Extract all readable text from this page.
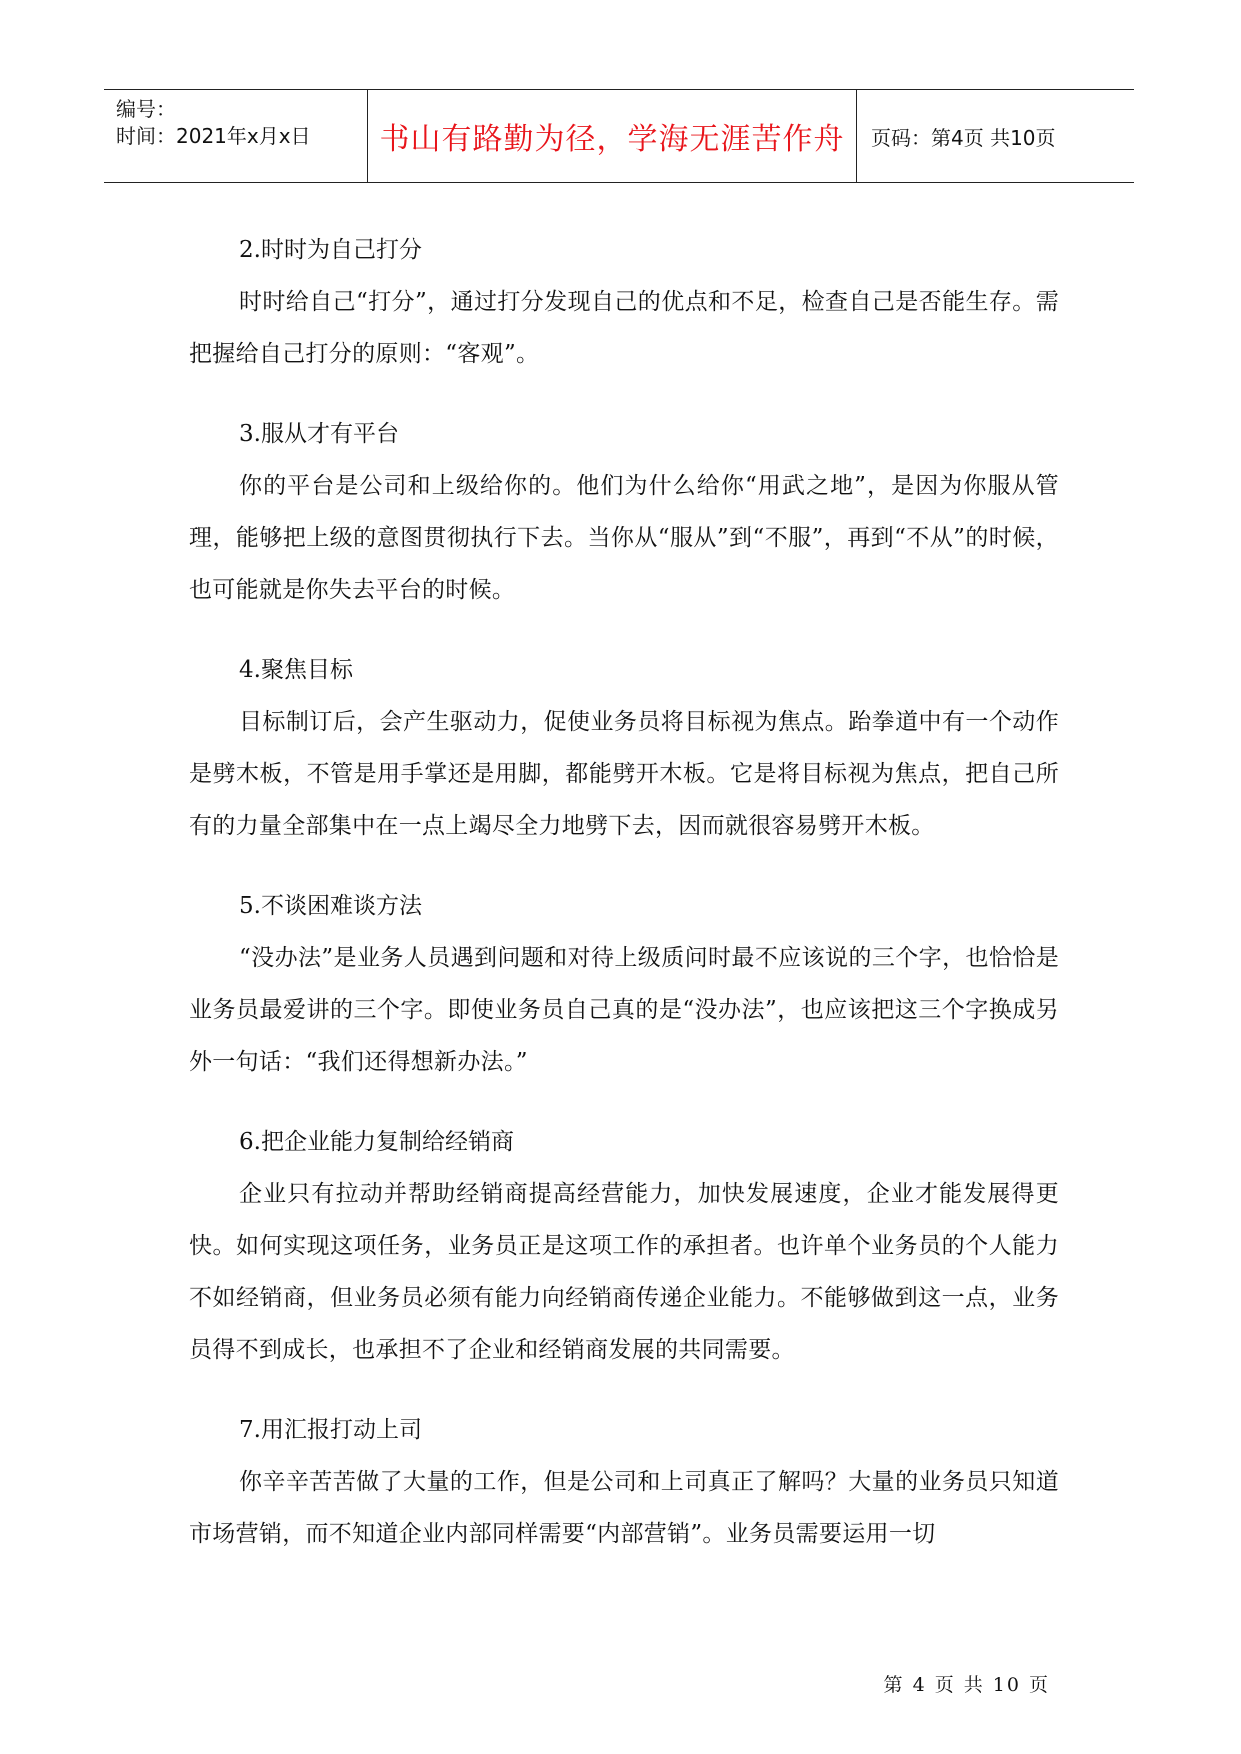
编号：
时间：2021年x月x日	书山有路勤为径，学海无涯苦作舟	页码：第4页 共10页
2.时时为自己打分
时时给自己“打分”，通过打分发现自己的优点和不足，检查自己是否能生存。需把握给自己打分的原则：“客观”。
3.服从才有平台
你的平台是公司和上级给你的。他们为什么给你“用武之地”，是因为你服从管理，能够把上级的意图贯彻执行下去。当你从“服从”到“不服”，再到“不从”的时候，也可能就是你失去平台的时候。
4.聚焦目标
目标制订后，会产生驱动力，促使业务员将目标视为焦点。跆拳道中有一个动作是劈木板，不管是用手掌还是用脚，都能劈开木板。它是将目标视为焦点，把自己所有的力量全部集中在一点上竭尽全力地劈下去，因而就很容易劈开木板。
5.不谈困难谈方法
“没办法”是业务人员遇到问题和对待上级质问时最不应该说的三个字，也恰恰是业务员最爱讲的三个字。即使业务员自己真的是“没办法”，也应该把这三个字换成另外一句话：“我们还得想新办法。”
6.把企业能力复制给经销商
企业只有拉动并帮助经销商提高经营能力，加快发展速度，企业才能发展得更快。如何实现这项任务，业务员正是这项工作的承担者。也许单个业务员的个人能力不如经销商，但业务员必须有能力向经销商传递企业能力。不能够做到这一点，业务员得不到成长，也承担不了企业和经销商发展的共同需要。
7.用汇报打动上司
你辛辛苦苦做了大量的工作，但是公司和上司真正了解吗？大量的业务员只知道市场营销，而不知道企业内部同样需要“内部营销”。业务员需要运用一切
第 4 页 共 10 页
